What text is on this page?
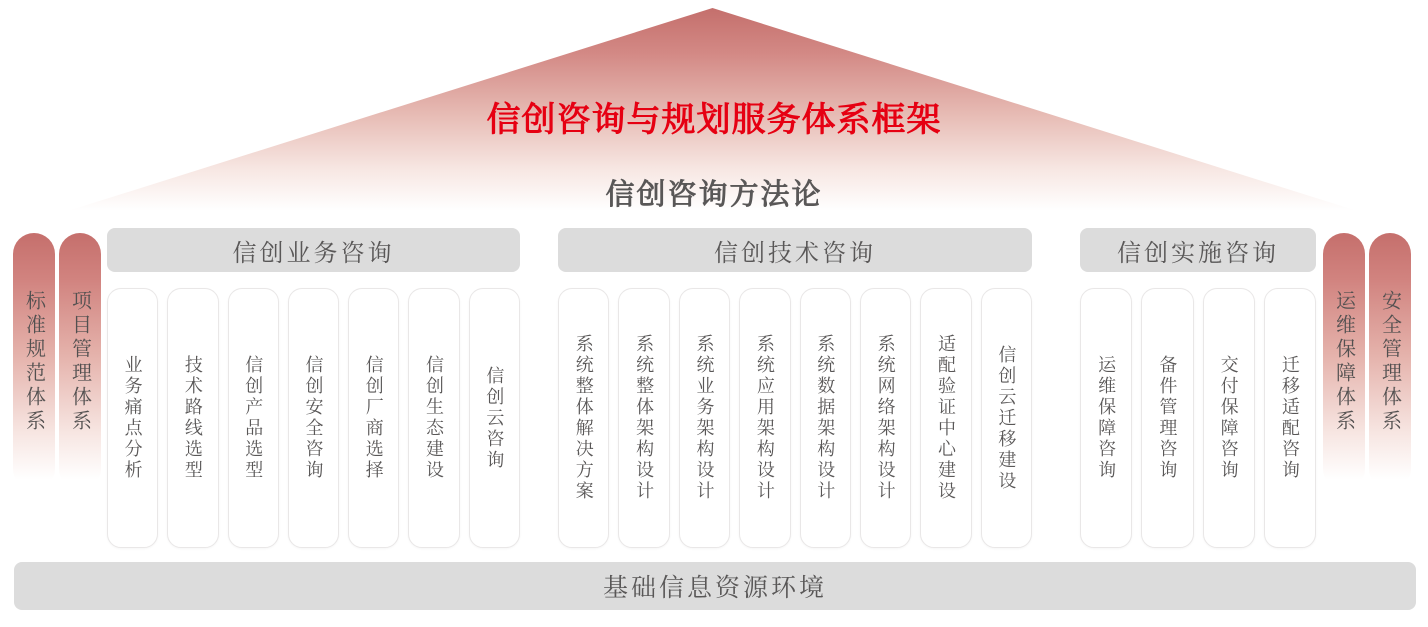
信创咨询与规划服务体系框架
信创咨询方法论
标准规范体系 项目管理体系	运维保障体系 安全管理体系
信创业务咨询
业务痛点分析 技术路线选型 信创产品选型 信创安全咨询 信创厂商选择 信创生态建设 信创云咨询
信创技术咨询
系统整体解决方案 系统整体架构设计 系统业务架构设计 系统应用架构设计 系统数据架构设计 系统网络架构设计 适配验证中心建设 信创云迁移建设
信创实施咨询
运维保障咨询 备件管理咨询 交付保障咨询 迁移适配咨询
基础信息资源环境
